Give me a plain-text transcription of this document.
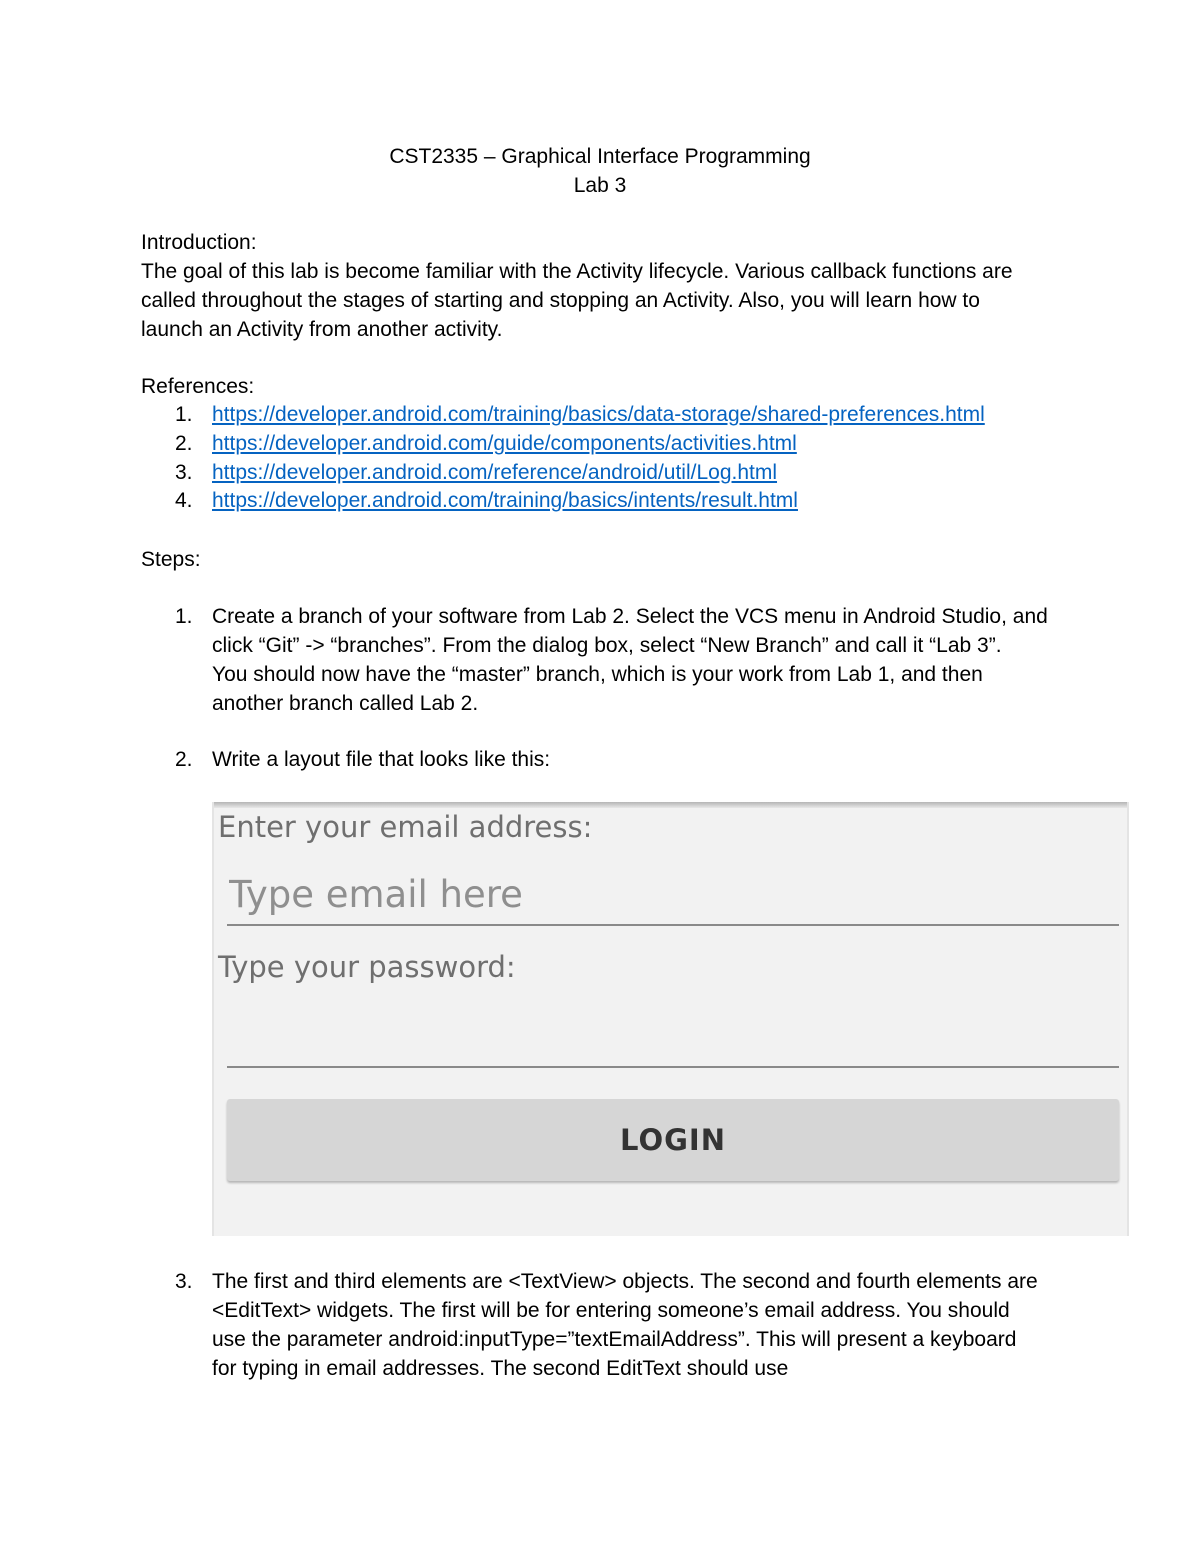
CST2335 – Graphical Interface Programming
Lab 3
Introduction:
The goal of this lab is become familiar with the Activity lifecycle. Various callback functions are
called throughout the stages of starting and stopping an Activity. Also, you will learn how to
launch an Activity from another activity.
References:
1. https://developer.android.com/training/basics/data-storage/shared-preferences.html
2. https://developer.android.com/guide/components/activities.html
3. https://developer.android.com/reference/android/util/Log.html
4. https://developer.android.com/training/basics/intents/result.html
Steps:
1. Create a branch of your software from Lab 2. Select the VCS menu in Android Studio, and
click “Git” -> “branches”. From the dialog box, select “New Branch” and call it “Lab 3”.
You should now have the “master” branch, which is your work from Lab 1, and then
another branch called Lab 2.
2. Write a layout file that looks like this:
Enter your email address:
Type email here
Type your password:
LOGIN
3. The first and third elements are <TextView> objects. The second and fourth elements are
<EditText> widgets. The first will be for entering someone’s email address. You should
use the parameter android:inputType=”textEmailAddress”. This will present a keyboard
for typing in email addresses. The second EditText should use
